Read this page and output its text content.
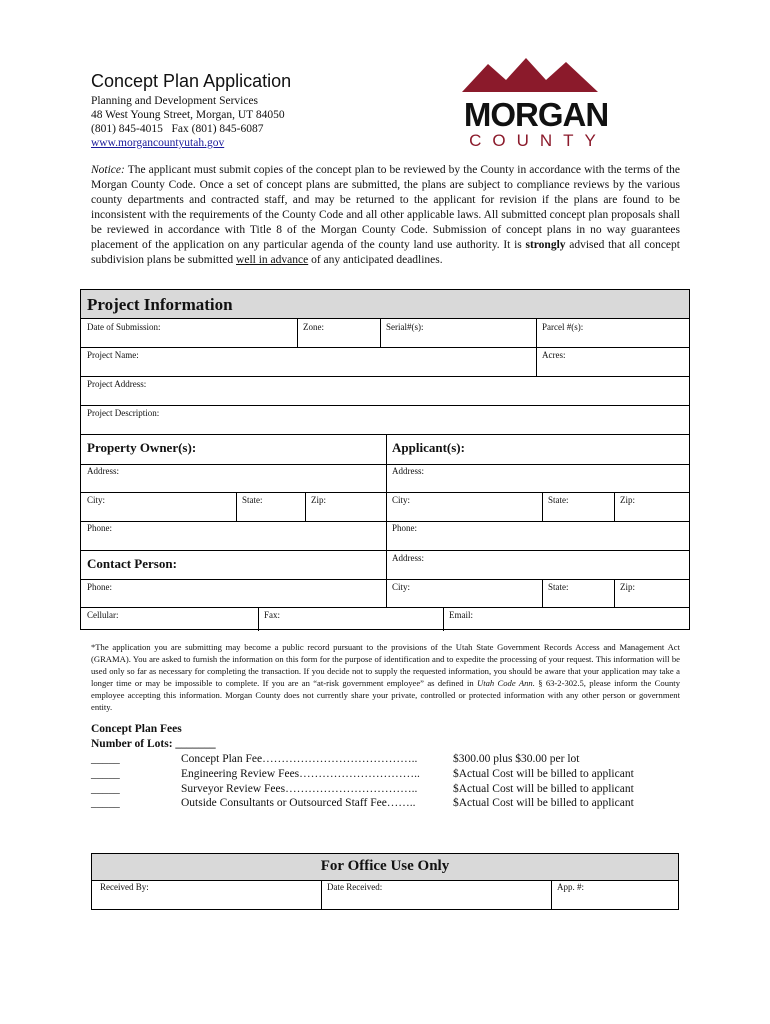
Concept Plan Application
Planning and Development Services
48 West Young Street, Morgan, UT 84050
(801) 845-4015   Fax (801) 845-6087
www.morgancountyutah.gov
MORGAN
COUNTY
Notice: The applicant must submit copies of the concept plan to be reviewed by the County in accordance with the terms of the Morgan County Code. Once a set of concept plans are submitted, the plans are subject to compliance reviews by the various county departments and contracted staff, and may be returned to the applicant for revision if the plans are found to be inconsistent with the requirements of the County Code and all other applicable laws. All submitted concept plan proposals shall be reviewed in accordance with Title 8 of the Morgan County Code. Submission of concept plans in no way guarantees placement of the application on any particular agenda of the county land use authority. It is strongly advised that all concept subdivision plans be submitted well in advance of any anticipated deadlines.
Project Information
Date of Submission:	Zone:	Serial#(s):	Parcel #(s):
Project Name:	Acres:
Project Address:
Project Description:
Property Owner(s):	Applicant(s):
Address:	Address:
City:	State:	Zip:	City:	State:	Zip:
Phone:	Phone:
Contact Person:	Address:
Phone:	City:	State:	Zip:
Cellular:	Fax:	Email:
*The application you are submitting may become a public record pursuant to the provisions of the Utah State Government Records Access and Management Act (GRAMA). You are asked to furnish the information on this form for the purpose of identification and to expedite the processing of your request. This information will be used only so far as necessary for completing the transaction. If you decide not to supply the requested information, you should be aware that your application may take a longer time or may be impossible to complete. If you are an “at-risk government employee” as defined in Utah Code Ann. § 63-2-302.5, please inform the County employee accepting this information. Morgan County does not currently share your private, controlled or protected information with any other person or government entity.
Concept Plan Fees
Number of Lots: _______
_____	Concept Plan Fee…………………………………..	$300.00 plus $30.00 per lot
_____	Engineering Review Fees…………………………..	$Actual Cost will be billed to applicant
_____	Surveyor Review Fees……………………………..	$Actual Cost will be billed to applicant
_____	Outside Consultants or Outsourced Staff Fee……..	$Actual Cost will be billed to applicant
For Office Use Only
Received By:	Date Received:	App. #:
